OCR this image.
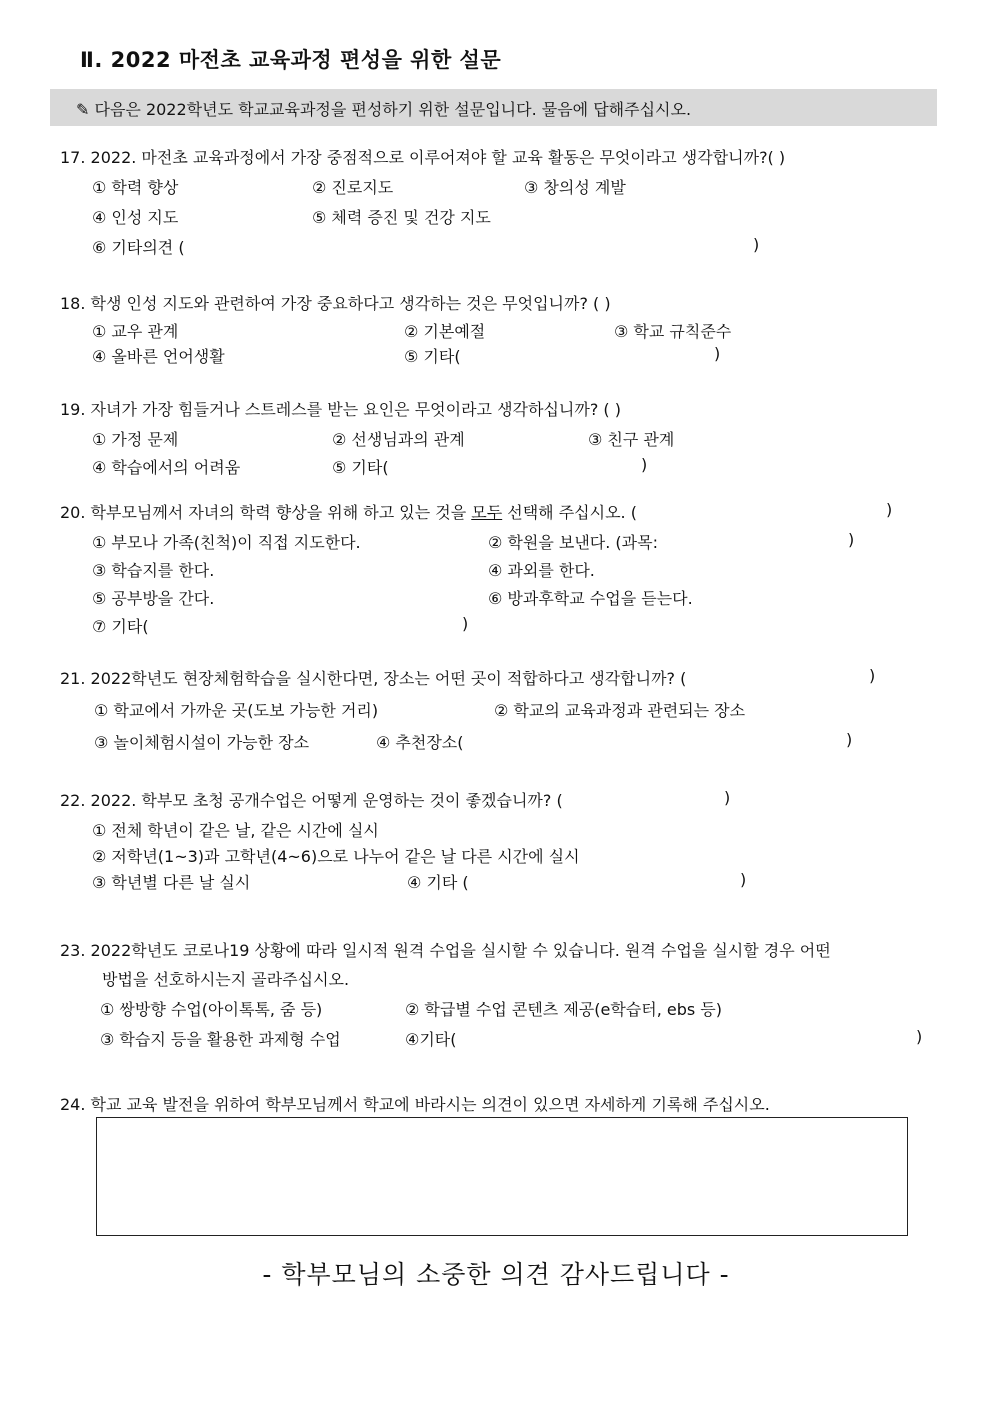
Ⅱ. 2022 마전초 교육과정 편성을 위한 설문
✎ 다음은 2022학년도 학교교육과정을 편성하기 위한 설문입니다. 물음에 답해주십시오.
17. 2022. 마전초 교육과정에서 가장 중점적으로 이루어져야 할 교육 활동은 무엇이라고 생각합니까?( )
① 학력 향상	② 진로지도	③ 창의성 계발
④ 인성 지도	⑤ 체력 증진 및 건강 지도
⑥ 기타의견 (	)
18. 학생 인성 지도와 관련하여 가장 중요하다고 생각하는 것은 무엇입니까? ( )
① 교우 관계	② 기본예절	③ 학교 규칙준수
④ 올바른 언어생활	⑤ 기타(	)
19. 자녀가 가장 힘들거나 스트레스를 받는 요인은 무엇이라고 생각하십니까? ( )
① 가정 문제	② 선생님과의 관계	③ 친구 관계
④ 학습에서의 어려움	⑤ 기타(	)
20. 학부모님께서 자녀의 학력 향상을 위해 하고 있는 것을 모두 선택해 주십시오. (	)
① 부모나 가족(친척)이 직접 지도한다.	② 학원을 보낸다. (과목:	)
③ 학습지를 한다.	④ 과외를 한다.
⑤ 공부방을 간다.	⑥ 방과후학교 수업을 듣는다.
⑦ 기타(	)
21. 2022학년도 현장체험학습을 실시한다면, 장소는 어떤 곳이 적합하다고 생각합니까? (	)
① 학교에서 가까운 곳(도보 가능한 거리)	② 학교의 교육과정과 관련되는 장소
③ 놀이체험시설이 가능한 장소	④ 추천장소(	)
22. 2022. 학부모 초청 공개수업은 어떻게 운영하는 것이 좋겠습니까? (	)
① 전체 학년이 같은 날, 같은 시간에 실시
② 저학년(1~3)과 고학년(4~6)으로 나누어 같은 날 다른 시간에 실시
③ 학년별 다른 날 실시	④ 기타 (	)
23. 2022학년도 코로나19 상황에 따라 일시적 원격 수업을 실시할 수 있습니다. 원격 수업을 실시할 경우 어떤
방법을 선호하시는지 골라주십시오.
① 쌍방향 수업(아이톡톡, 줌 등)	② 학급별 수업 콘텐츠 제공(e학습터, ebs 등)
③ 학습지 등을 활용한 과제형 수업	④기타(	)
24. 학교 교육 발전을 위하여 학부모님께서 학교에 바라시는 의견이 있으면 자세하게 기록해 주십시오.
- 학부모님의 소중한 의견 감사드립니다 -
